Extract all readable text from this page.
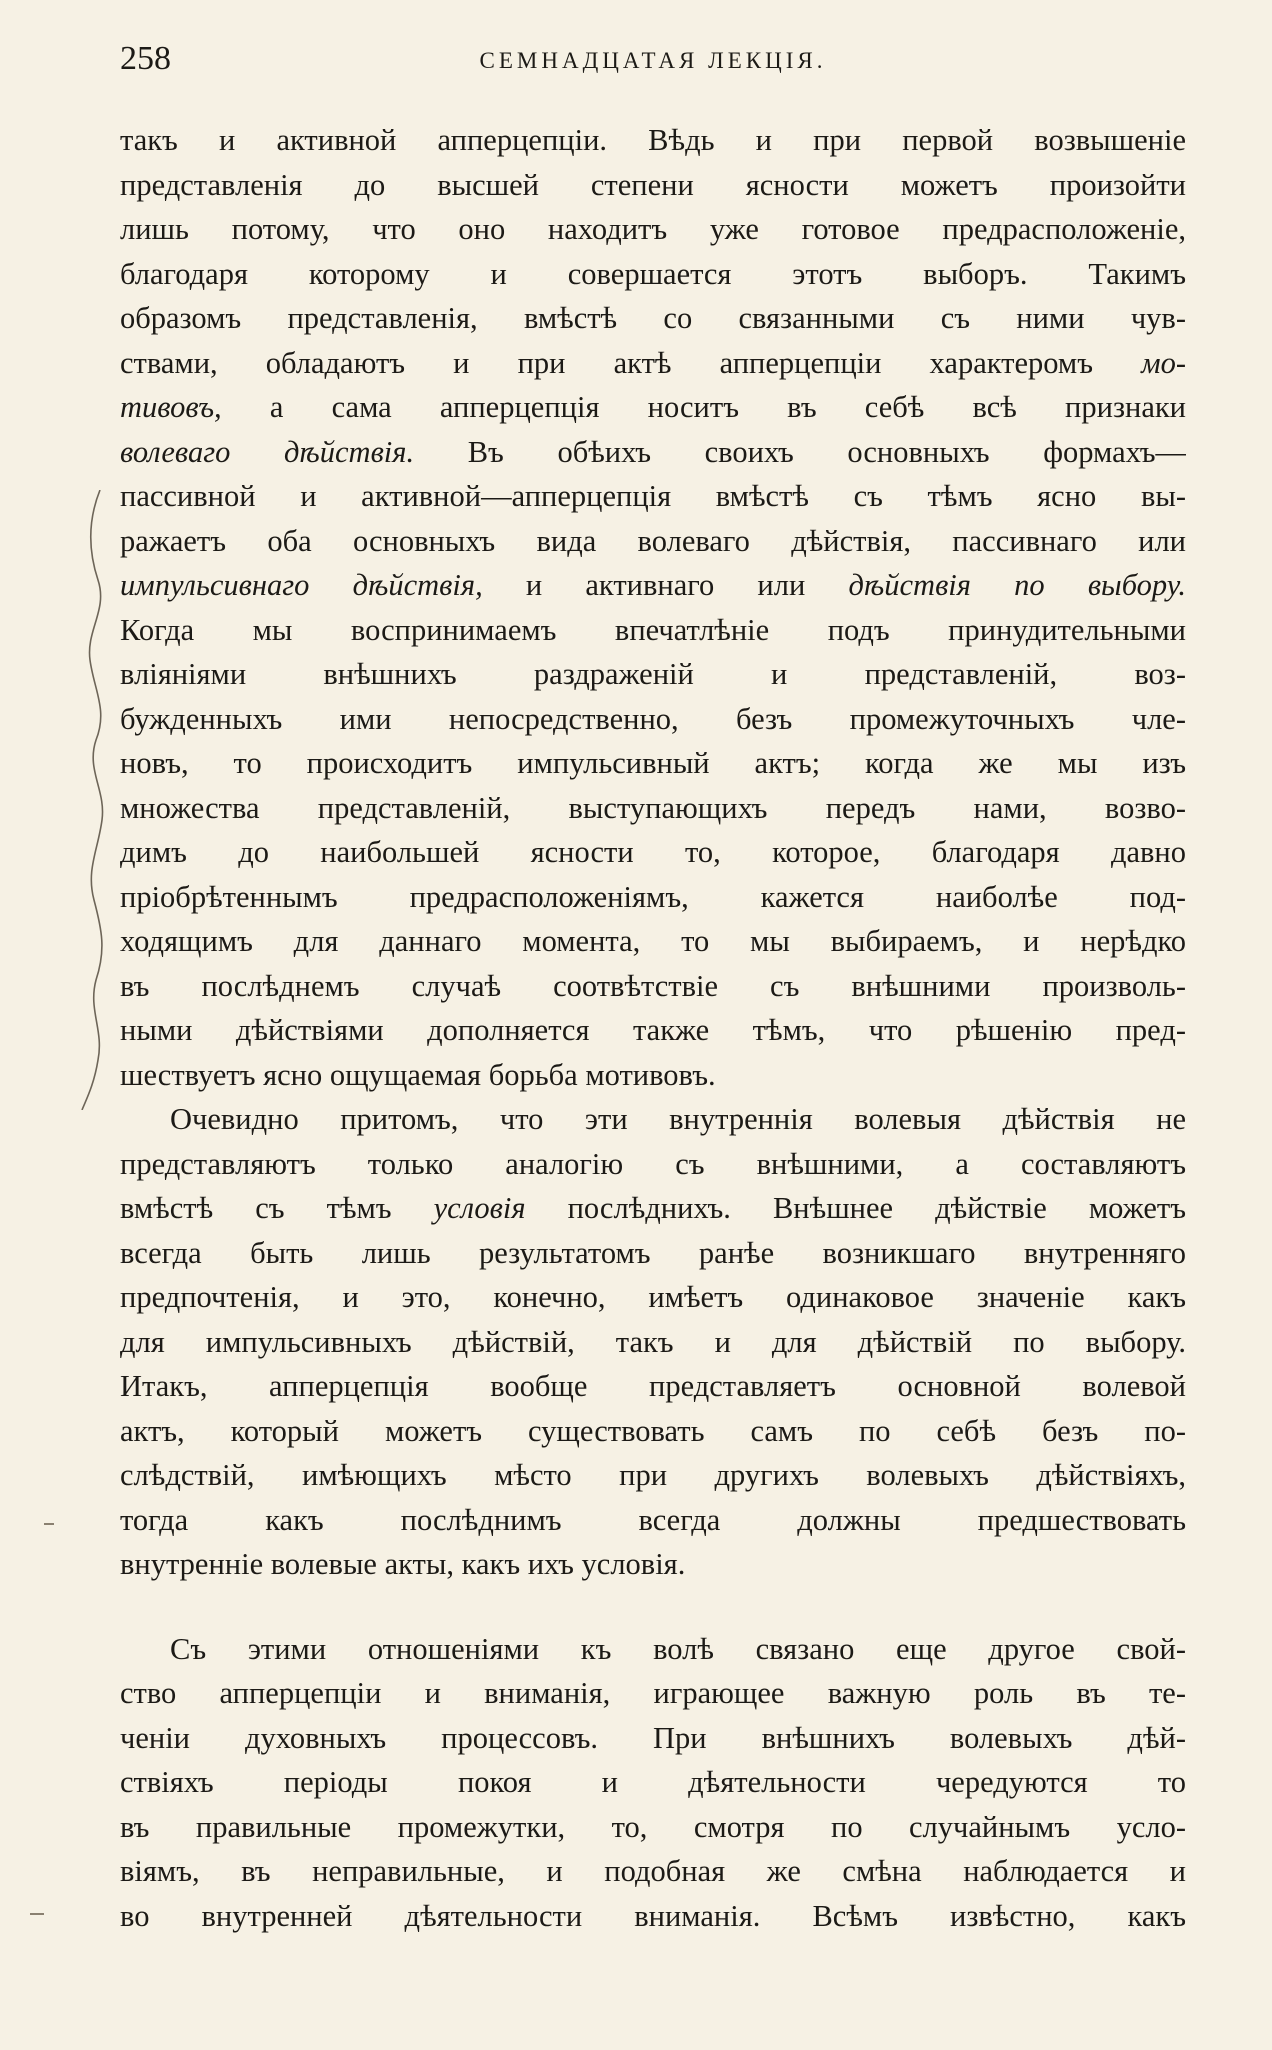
258	СЕМНАДЦАТАЯ ЛЕКЦІЯ.
такъ и активной апперцепціи. Вѣдь и при первой возвышеніе
представленія до высшей степени ясности можетъ произойти
лишь потому, что оно находитъ уже готовое предрасположеніе,
благодаря которому и совершается этотъ выборъ. Такимъ
образомъ представленія, вмѣстѣ со связанными съ ними чув-
ствами, обладаютъ и при актѣ апперцепціи характеромъ мо-
тивовъ, а сама апперцепція носитъ въ себѣ всѣ признаки
волеваго дѣйствія. Въ обѣихъ своихъ основныхъ формахъ—
пассивной и активной—апперцепція вмѣстѣ съ тѣмъ ясно вы-
ражаетъ оба основныхъ вида волеваго дѣйствія, пассивнаго или
импульсивнаго дѣйствія, и активнаго или дѣйствія по выбору.
Когда мы воспринимаемъ впечатлѣніе подъ принудительными
вліяніями внѣшнихъ раздраженій и представленій, воз-
бужденныхъ ими непосредственно, безъ промежуточныхъ чле-
новъ, то происходитъ импульсивный актъ; когда же мы изъ
множества представленій, выступающихъ передъ нами, возво-
димъ до наибольшей ясности то, которое, благодаря давно
пріобрѣтеннымъ предрасположеніямъ, кажется наиболѣе под-
ходящимъ для даннаго момента, то мы выбираемъ, и нерѣдко
въ послѣднемъ случаѣ соотвѣтствіе съ внѣшними произволь-
ными дѣйствіями дополняется также тѣмъ, что рѣшенію пред-
шествуетъ ясно ощущаемая борьба мотивовъ.
Очевидно притомъ, что эти внутреннія волевыя дѣйствія не
представляютъ только аналогію съ внѣшними, а составляютъ
вмѣстѣ съ тѣмъ условія послѣднихъ. Внѣшнее дѣйствіе можетъ
всегда быть лишь результатомъ ранѣе возникшаго внутренняго
предпочтенія, и это, конечно, имѣетъ одинаковое значеніе какъ
для импульсивныхъ дѣйствій, такъ и для дѣйствій по выбору.
Итакъ, апперцепція вообще представляетъ основной волевой
актъ, который можетъ существовать самъ по себѣ безъ по-
слѣдствій, имѣющихъ мѣсто при другихъ волевыхъ дѣйствіяхъ,
тогда какъ послѣднимъ всегда должны предшествовать
внутренніе волевые акты, какъ ихъ условія.
Съ этими отношеніями къ волѣ связано еще другое свой-
ство апперцепціи и вниманія, играющее важную роль въ те-
ченіи духовныхъ процессовъ. При внѣшнихъ волевыхъ дѣй-
ствіяхъ періоды покоя и дѣятельности чередуются то
въ правильные промежутки, то, смотря по случайнымъ усло-
віямъ, въ неправильные, и подобная же смѣна наблюдается и
во внутренней дѣятельности вниманія. Всѣмъ извѣстно, какъ
